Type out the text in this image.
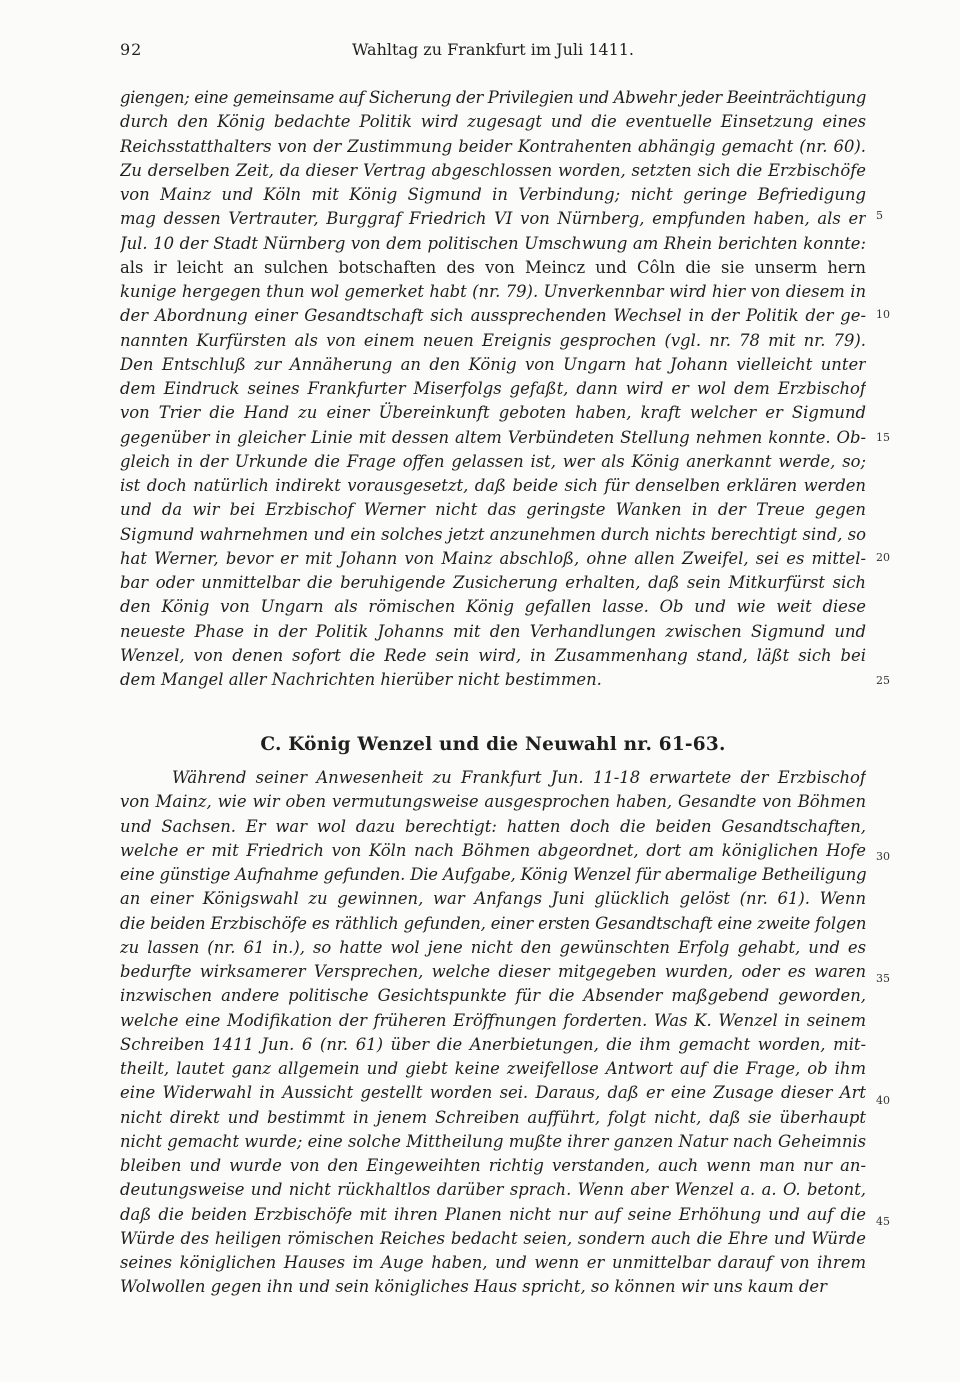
92	Wahltag zu Frankfurt im Juli 1411.
giengen; eine gemeinsame auf Sicherung der Privilegien und Abwehr jeder Beeinträchtigung
durch den König bedachte Politik wird zugesagt und die eventuelle Einsetzung eines
Reichsstatthalters von der Zustimmung beider Kontrahenten abhängig gemacht (nr. 60).
Zu derselben Zeit, da dieser Vertrag abgeschlossen worden, setzten sich die Erzbischöfe
von Mainz und Köln mit König Sigmund in Verbindung; nicht geringe Befriedigung
mag dessen Vertrauter, Burggraf Friedrich VI von Nürnberg, empfunden haben, als er
Jul. 10 der Stadt Nürnberg von dem politischen Umschwung am Rhein berichten konnte:
als ir leicht an sulchen botschaften des von Meincz und Côln die sie unserm hern
kunige hergegen thun wol gemerket habt (nr. 79). Unverkennbar wird hier von diesem in
der Abordnung einer Gesandtschaft sich aussprechenden Wechsel in der Politik der ge-
nannten Kurfürsten als von einem neuen Ereignis gesprochen (vgl. nr. 78 mit nr. 79).
Den Entschluß zur Annäherung an den König von Ungarn hat Johann vielleicht unter
dem Eindruck seines Frankfurter Miserfolgs gefaßt, dann wird er wol dem Erzbischof
von Trier die Hand zu einer Übereinkunft geboten haben, kraft welcher er Sigmund
gegenüber in gleicher Linie mit dessen altem Verbündeten Stellung nehmen konnte. Ob-
gleich in der Urkunde die Frage offen gelassen ist, wer als König anerkannt werde, so;
ist doch natürlich indirekt vorausgesetzt, daß beide sich für denselben erklären werden
und da wir bei Erzbischof Werner nicht das geringste Wanken in der Treue gegen
Sigmund wahrnehmen und ein solches jetzt anzunehmen durch nichts berechtigt sind, so
hat Werner, bevor er mit Johann von Mainz abschloß, ohne allen Zweifel, sei es mittel-
bar oder unmittelbar die beruhigende Zusicherung erhalten, daß sein Mitkurfürst sich
den König von Ungarn als römischen König gefallen lasse. Ob und wie weit diese
neueste Phase in der Politik Johanns mit den Verhandlungen zwischen Sigmund und
Wenzel, von denen sofort die Rede sein wird, in Zusammenhang stand, läßt sich bei
dem Mangel aller Nachrichten hierüber nicht bestimmen.
C. König Wenzel und die Neuwahl nr. 61-63.
Während seiner Anwesenheit zu Frankfurt Jun. 11-18 erwartete der Erzbischof
von Mainz, wie wir oben vermutungsweise ausgesprochen haben, Gesandte von Böhmen
und Sachsen. Er war wol dazu berechtigt: hatten doch die beiden Gesandtschaften,
welche er mit Friedrich von Köln nach Böhmen abgeordnet, dort am königlichen Hofe
eine günstige Aufnahme gefunden. Die Aufgabe, König Wenzel für abermalige Betheiligung
an einer Königswahl zu gewinnen, war Anfangs Juni glücklich gelöst (nr. 61). Wenn
die beiden Erzbischöfe es räthlich gefunden, einer ersten Gesandtschaft eine zweite folgen
zu lassen (nr. 61 in.), so hatte wol jene nicht den gewünschten Erfolg gehabt, und es
bedurfte wirksamerer Versprechen, welche dieser mitgegeben wurden, oder es waren
inzwischen andere politische Gesichtspunkte für die Absender maßgebend geworden,
welche eine Modifikation der früheren Eröffnungen forderten. Was K. Wenzel in seinem
Schreiben 1411 Jun. 6 (nr. 61) über die Anerbietungen, die ihm gemacht worden, mit-
theilt, lautet ganz allgemein und giebt keine zweifellose Antwort auf die Frage, ob ihm
eine Widerwahl in Aussicht gestellt worden sei. Daraus, daß er eine Zusage dieser Art
nicht direkt und bestimmt in jenem Schreiben aufführt, folgt nicht, daß sie überhaupt
nicht gemacht wurde; eine solche Mittheilung mußte ihrer ganzen Natur nach Geheimnis
bleiben und wurde von den Eingeweihten richtig verstanden, auch wenn man nur an-
deutungsweise und nicht rückhaltlos darüber sprach. Wenn aber Wenzel a. a. O. betont,
daß die beiden Erzbischöfe mit ihren Planen nicht nur auf seine Erhöhung und auf die
Würde des heiligen römischen Reiches bedacht seien, sondern auch die Ehre und Würde
seines königlichen Hauses im Auge haben, und wenn er unmittelbar darauf von ihrem
Wolwollen gegen ihn und sein königliches Haus spricht, so können wir uns kaum der
5
10
15
20
25
30
35
40
45
